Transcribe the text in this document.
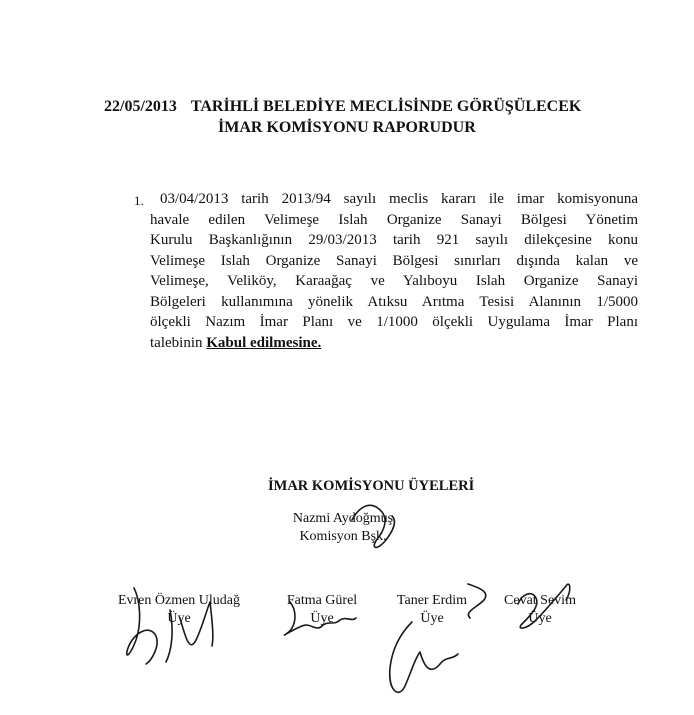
22/05/2013 TARİHLİ BELEDİYE MECLİSİNDE GÖRÜŞÜLECEK
İMAR KOMİSYONU RAPORUDUR
1.	03/04/2013 tarih 2013/94 sayılı meclis kararı ile imar komisyonuna
havale edilen Velimeşe Islah Organize Sanayi Bölgesi Yönetim
Kurulu Başkanlığının 29/03/2013 tarih 921 sayılı dilekçesine konu
Velimeşe Islah Organize Sanayi Bölgesi sınırları dışında kalan ve
Velimeşe, Veliköy, Karaağaç ve Yalıboyu Islah Organize Sanayi
Bölgeleri kullanımına yönelik Atıksu Arıtma Tesisi Alanının 1/5000
ölçekli Nazım İmar Planı ve 1/1000 ölçekli Uygulama İmar Planı
talebinin Kabul edilmesine.
İMAR KOMİSYONU ÜYELERİ
Nazmi Aydoğmuş
Komisyon Bşk.
Evren Özmen Uludağ
Üye
Fatma Gürel
Üye
Taner Erdim
Üye
Cevat Sevim
Üye
